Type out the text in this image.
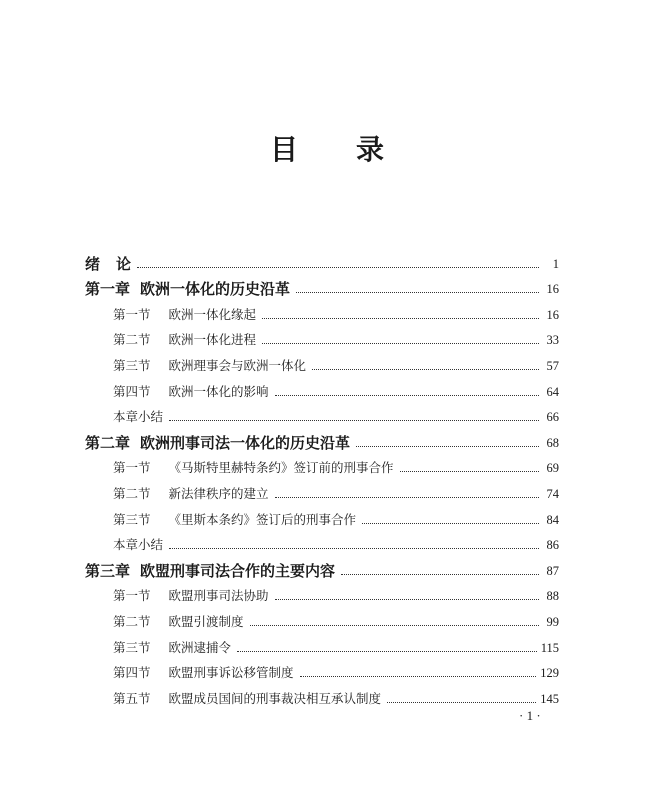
目 录
绪 论	1
第一章 欧洲一体化的历史沿革	16
第一节 欧洲一体化缘起	16
第二节 欧洲一体化进程	33
第三节 欧洲理事会与欧洲一体化	57
第四节 欧洲一体化的影响	64
本章小结	66
第二章 欧洲刑事司法一体化的历史沿革	68
第一节 《马斯特里赫特条约》签订前的刑事合作	69
第二节 新法律秩序的建立	74
第三节 《里斯本条约》签订后的刑事合作	84
本章小结	86
第三章 欧盟刑事司法合作的主要内容	87
第一节 欧盟刑事司法协助	88
第二节 欧盟引渡制度	99
第三节 欧洲逮捕令	115
第四节 欧盟刑事诉讼移管制度	129
第五节 欧盟成员国间的刑事裁决相互承认制度	145
· 1 ·
